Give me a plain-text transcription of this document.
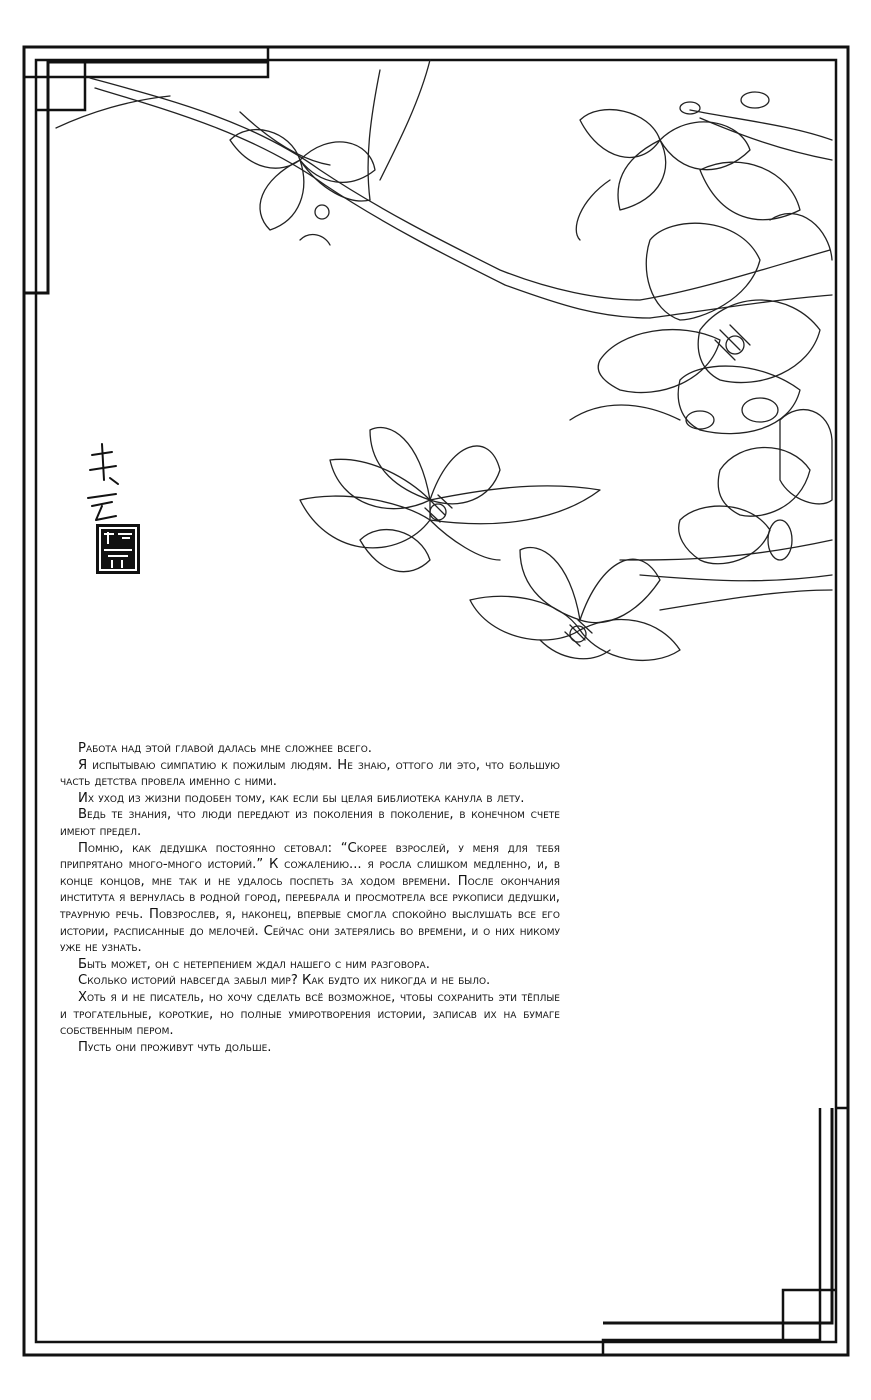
Работа над этой главой далась мне сложнее всего.

Я испытываю симпатию к пожилым людям. Не знаю, оттого ли это, что большую часть детства провела именно с ними.

Их уход из жизни подобен тому, как если бы целая библиотека канула в лету.

Ведь те знания, что люди передают из поколения в поколение, в конечном счете имеют предел.

Помню, как дедушка постоянно сетовал: “Скорее взрослей, у меня для тебя припрятано много-много историй.” К сожалению... я росла слишком медленно, и, в конце концов, мне так и не удалось поспеть за ходом времени. После окончания института я вернулась в родной город, перебрала и просмотрела все рукописи дедушки, траурную речь. Повзрослев, я, наконец, впервые смогла спокойно выслушать все его истории, расписанные до мелочей. Сейчас они затерялись во времени, и о них никому уже не узнать.

Быть может, он с нетерпением ждал нашего с ним разговора.

Сколько историй навсегда забыл мир? Как будто их никогда и не было.

Хоть я и не писатель, но хочу сделать всё возможное, чтобы сохранить эти тёплые и трогательные, короткие, но полные умиротворения истории, записав их на бумаге собственным пером.

Пусть они проживут чуть дольше.
